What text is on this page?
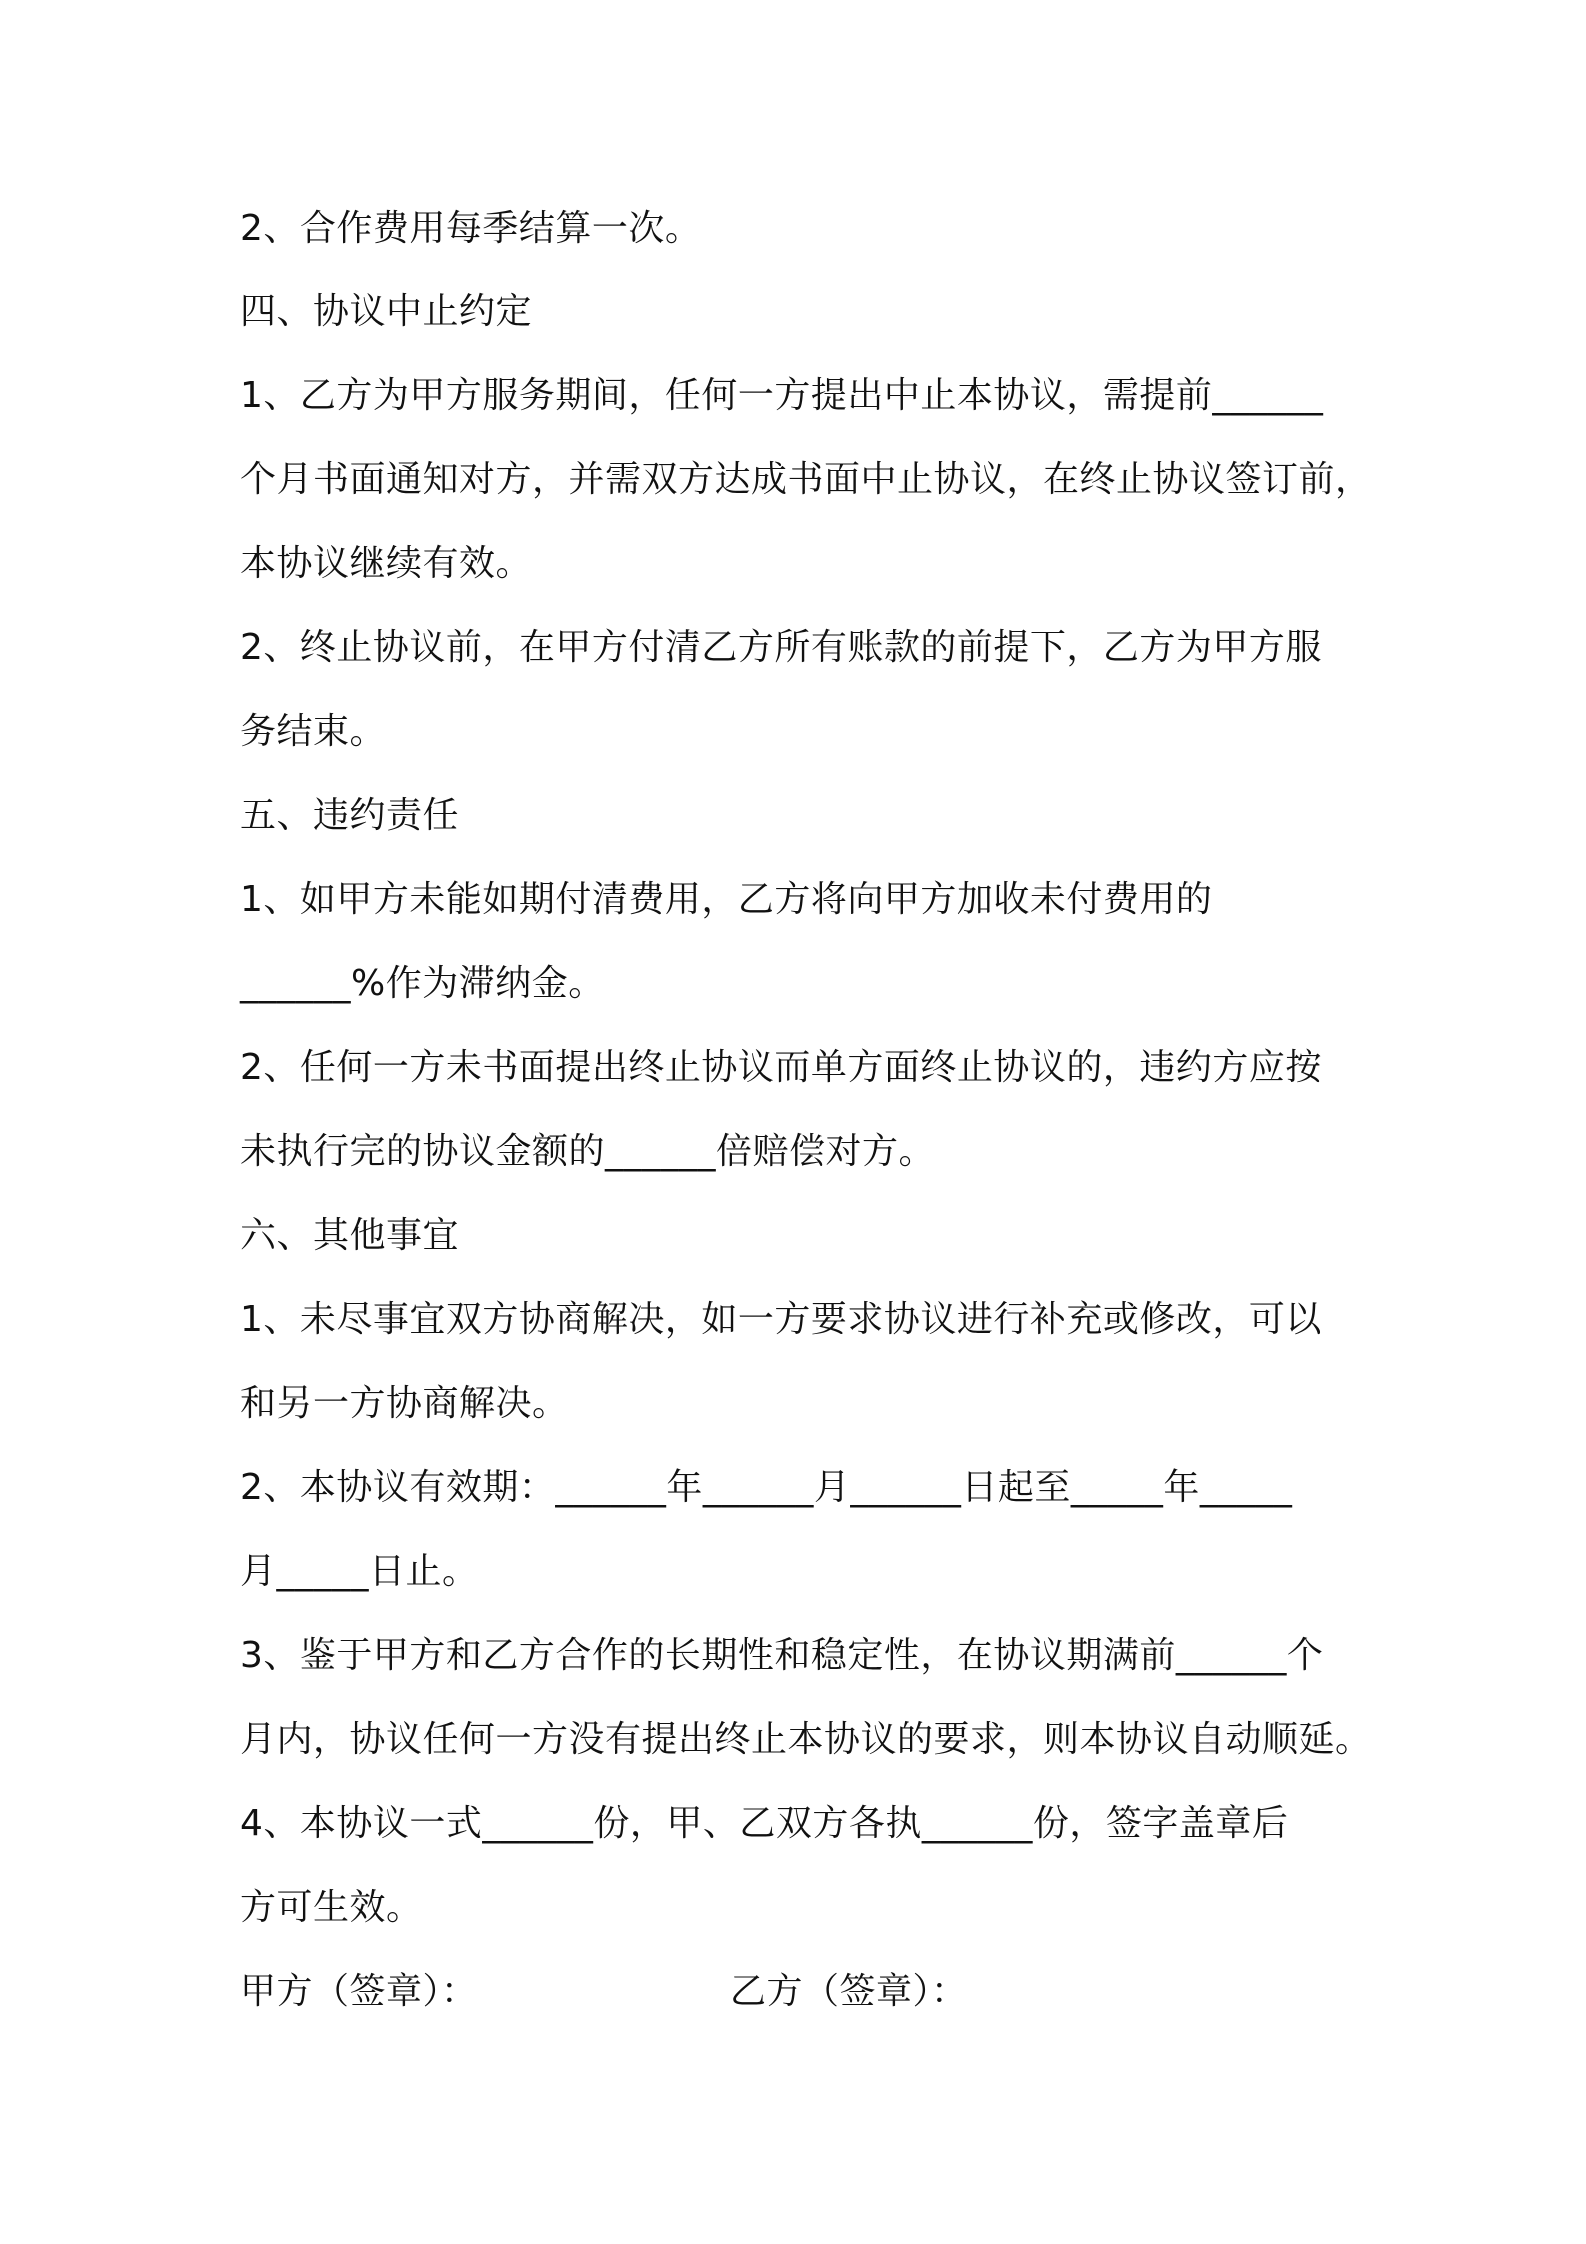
2、合作费用每季结算一次。
四、协议中止约定
1、乙方为甲方服务期间，任何一方提出中止本协议，需提前______
个月书面通知对方，并需双方达成书面中止协议，在终止协议签订前，
本协议继续有效。
2、终止协议前，在甲方付清乙方所有账款的前提下，乙方为甲方服
务结束。
五、违约责任
1、如甲方未能如期付清费用，乙方将向甲方加收未付费用的
______%作为滞纳金。
2、任何一方未书面提出终止协议而单方面终止协议的，违约方应按
未执行完的协议金额的______倍赔偿对方。
六、其他事宜
1、未尽事宜双方协商解决，如一方要求协议进行补充或修改，可以
和另一方协商解决。
2、本协议有效期：______年______月______日起至_____年_____
月_____日止。
3、鉴于甲方和乙方合作的长期性和稳定性，在协议期满前______个
月内，协议任何一方没有提出终止本协议的要求，则本协议自动顺延。
4、本协议一式______份，甲、乙双方各执______份，签字盖章后
方可生效。
甲方（签章）：	乙方（签章）：
